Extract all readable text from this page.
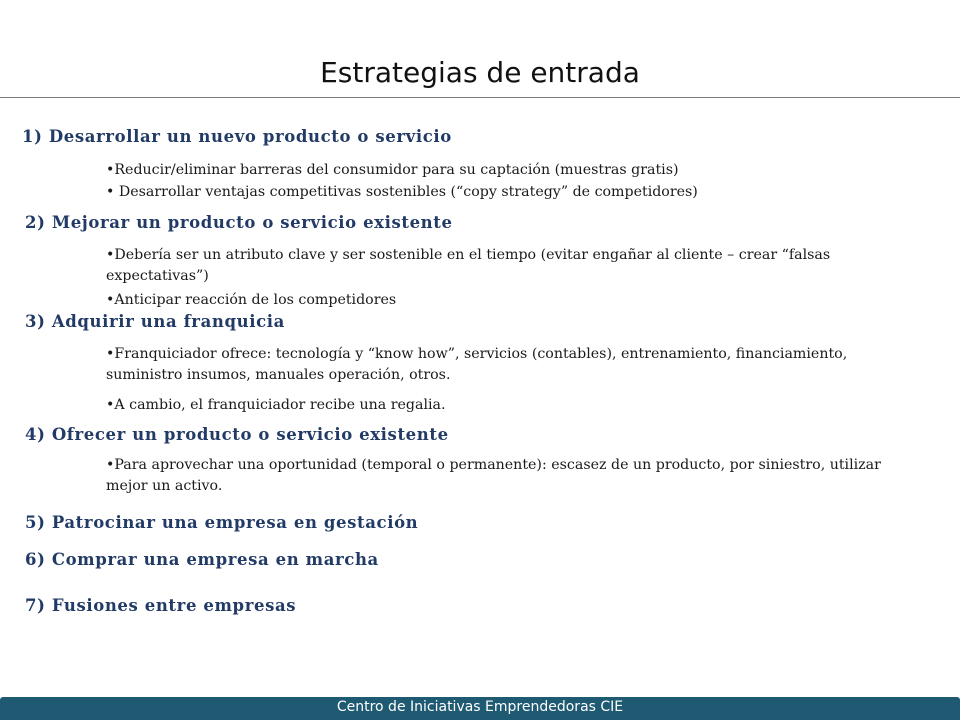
Estrategias de entrada
1) Desarrollar un nuevo producto o servicio

•Reducir/eliminar barreras del consumidor para su captación (muestras gratis)

• Desarrollar ventajas competitivas sostenibles (“copy strategy” de competidores)

2) Mejorar un producto o servicio existente

•Debería ser un atributo clave y ser sostenible en el tiempo (evitar engañar al cliente – crear “falsas expectativas”)

•Anticipar reacción de los competidores

3) Adquirir una franquicia

•Franquiciador ofrece: tecnología y “know how”, servicios (contables), entrenamiento, financiamiento, suministro insumos, manuales operación, otros.

•A cambio, el franquiciador recibe una regalia.

4) Ofrecer un producto o servicio existente

•Para aprovechar una oportunidad (temporal o permanente): escasez de un producto, por siniestro, utilizar mejor un activo.

5) Patrocinar una empresa en gestación
6) Comprar una empresa en marcha
7) Fusiones entre empresas
Centro de Iniciativas Emprendedoras CIE
